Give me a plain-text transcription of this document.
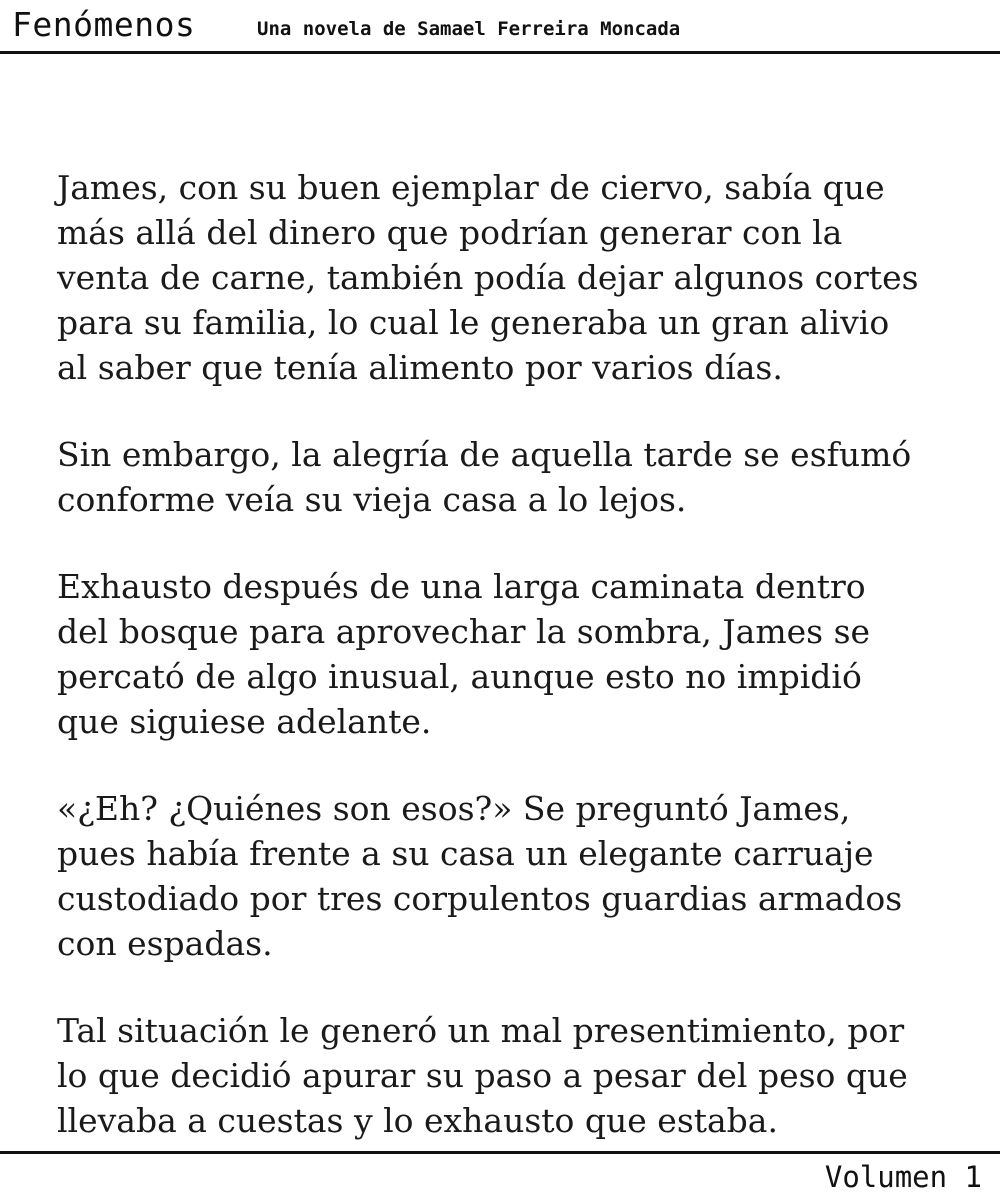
Fenómenos	Una novela de Samael Ferreira Moncada

James, con su buen ejemplar de ciervo, sabía que
más allá del dinero que podrían generar con la
venta de carne, también podía dejar algunos cortes
para su familia, lo cual le generaba un gran alivio
al saber que tenía alimento por varios días.

Sin embargo, la alegría de aquella tarde se esfumó
conforme veía su vieja casa a lo lejos.

Exhausto después de una larga caminata dentro
del bosque para aprovechar la sombra, James se
percató de algo inusual, aunque esto no impidió
que siguiese adelante.

«¿Eh? ¿Quiénes son esos?» Se preguntó James,
pues había frente a su casa un elegante carruaje
custodiado por tres corpulentos guardias armados
con espadas.

Tal situación le generó un mal presentimiento, por
lo que decidió apurar su paso a pesar del peso que
llevaba a cuestas y lo exhausto que estaba.

Volumen 1
